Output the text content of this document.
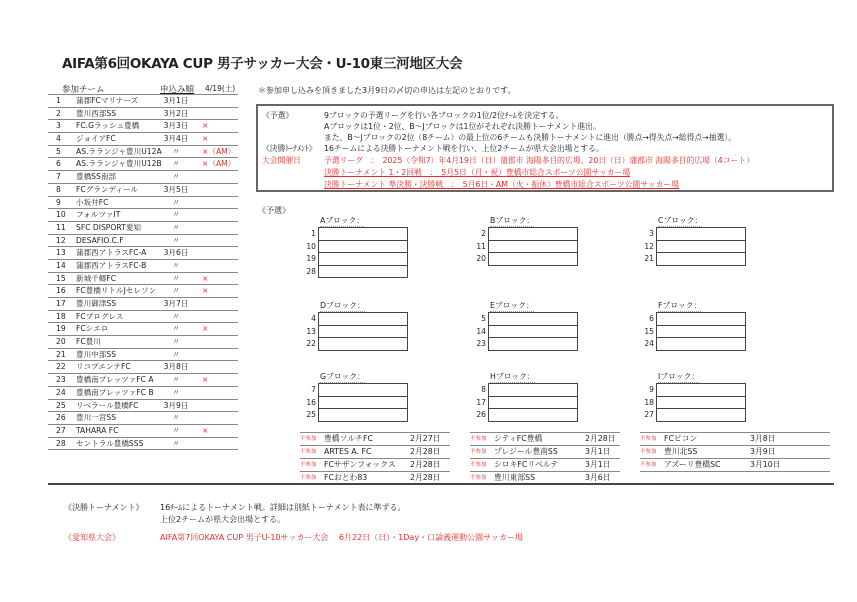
AIFA第6回OKAYA CUP 男子サッカー大会・U-10東三河地区大会
参加チーム	申込み順 4/19(土)	＊参加申し込みを頂きました3月9日の〆切の申込は左記のとおりです。
1	蒲郡FCマリナーズ	3月1日
2	豊川西部SS	3月2日
3	FC.Gラッシュ豊橋	3月3日	×
4	ジョイアFC	3月4日	×
5	AS.ラランジャ豊川U12A	〃	×（AM）
6	AS.ラランジャ豊川U12B	〃	×（AM）
7	豊橋SS南部	〃
8	FCグランディール	3月5日
9	小坂井FC	〃
10	フォルツァIT	〃
11	SFC DISPORT愛知	〃
12	DESAFIO.C.F	〃
13	蒲郡西アトラスFC-A	3月6日
14	蒲郡西アトラスFC-B	〃
15	新城千郷FC	〃	×
16	FC豊橋リトルJセレソン	〃	×
17	豊川御津SS	3月7日
18	FCプログレス	〃
19	FCシエロ	〃	×
20	FC豊川	〃
21	豊川中部SS	〃
22	リコプエンテFC	3月8日
23	豊橋南プレッツァFC A	〃	×
24	豊橋南プレッツァFC B	〃
25	リベラール豊橋FC	3月9日
26	豊川一宮SS	〃
27	TAHARA FC	〃	×
28	セントラル豊橋SSS	〃
《予選》	9ブロックの予選リーグを行い各ブロックの1位/2位ﾁｰﾑを決定する。
Aブロックは1位・2位、B～Jブロックは1位がそれぞれ決勝トーナメント進出。
また、B～Jブロックの2位（8チーム）の最上位の6チームも決勝トーナメントに進出（勝点→得失点→総得点→抽選）。
《決勝ﾄｰﾅﾒﾝﾄ》 16チームによる決勝トーナメント戦を行い、上位2チームが県大会出場とする。
大会開催日	予選リーグ　：　2025（令和7）年4月19日（日）蒲郡市 海陽多目的広場、20日（日）蒲郡市 海陽多目的広場（4コート）
決勝トーナメント 1・2回戦　：　5月5日（月・祝）豊橋市総合スポーツ公園サッカー場
決勝トーナメント 準決勝・決勝戦　：　5月6日・AM（火・振休）豊橋市総合スポーツ公園サッカー場
《予選》
Aブロック：
1
10
19
28
Bブロック：
2
11
20
Cブロック：
3
12
21
Dブロック：
4
13
22
Eブロック：
5
14
23
Fブロック：
6
15
24
Gブロック：
7
16
25
Hブロック：
8
17
26
Iブロック：
9
18
27
不参加 豊橋ソルチFC	2月27日
不参加 ARTES A. FC	2月28日
不参加 FCサザンフォックス 2月28日
不参加 FCおとわ83	2月28日
不参加 シティFC豊橋	2月28日
不参加 プレジール豊南SS	3月1日
不参加 シロキFCリベルテ	3月1日
不参加 豊川東部SS	3月6日
不参加 FCピコン	3月8日
不参加 豊川北SS	3月9日
不参加 アズーリ豊橋SC	3月10日
《決勝トーナメント》 16ﾁｰﾑによるトーナメント戦。詳細は別紙トーナメント表に準ずる。
上位2チームが県大会出場とする。
《愛知県大会》	AIFA第7回OKAYA CUP 男子U-10サッカー大会　 6月22日（日）・1Day・口論義運動公園サッカー場
